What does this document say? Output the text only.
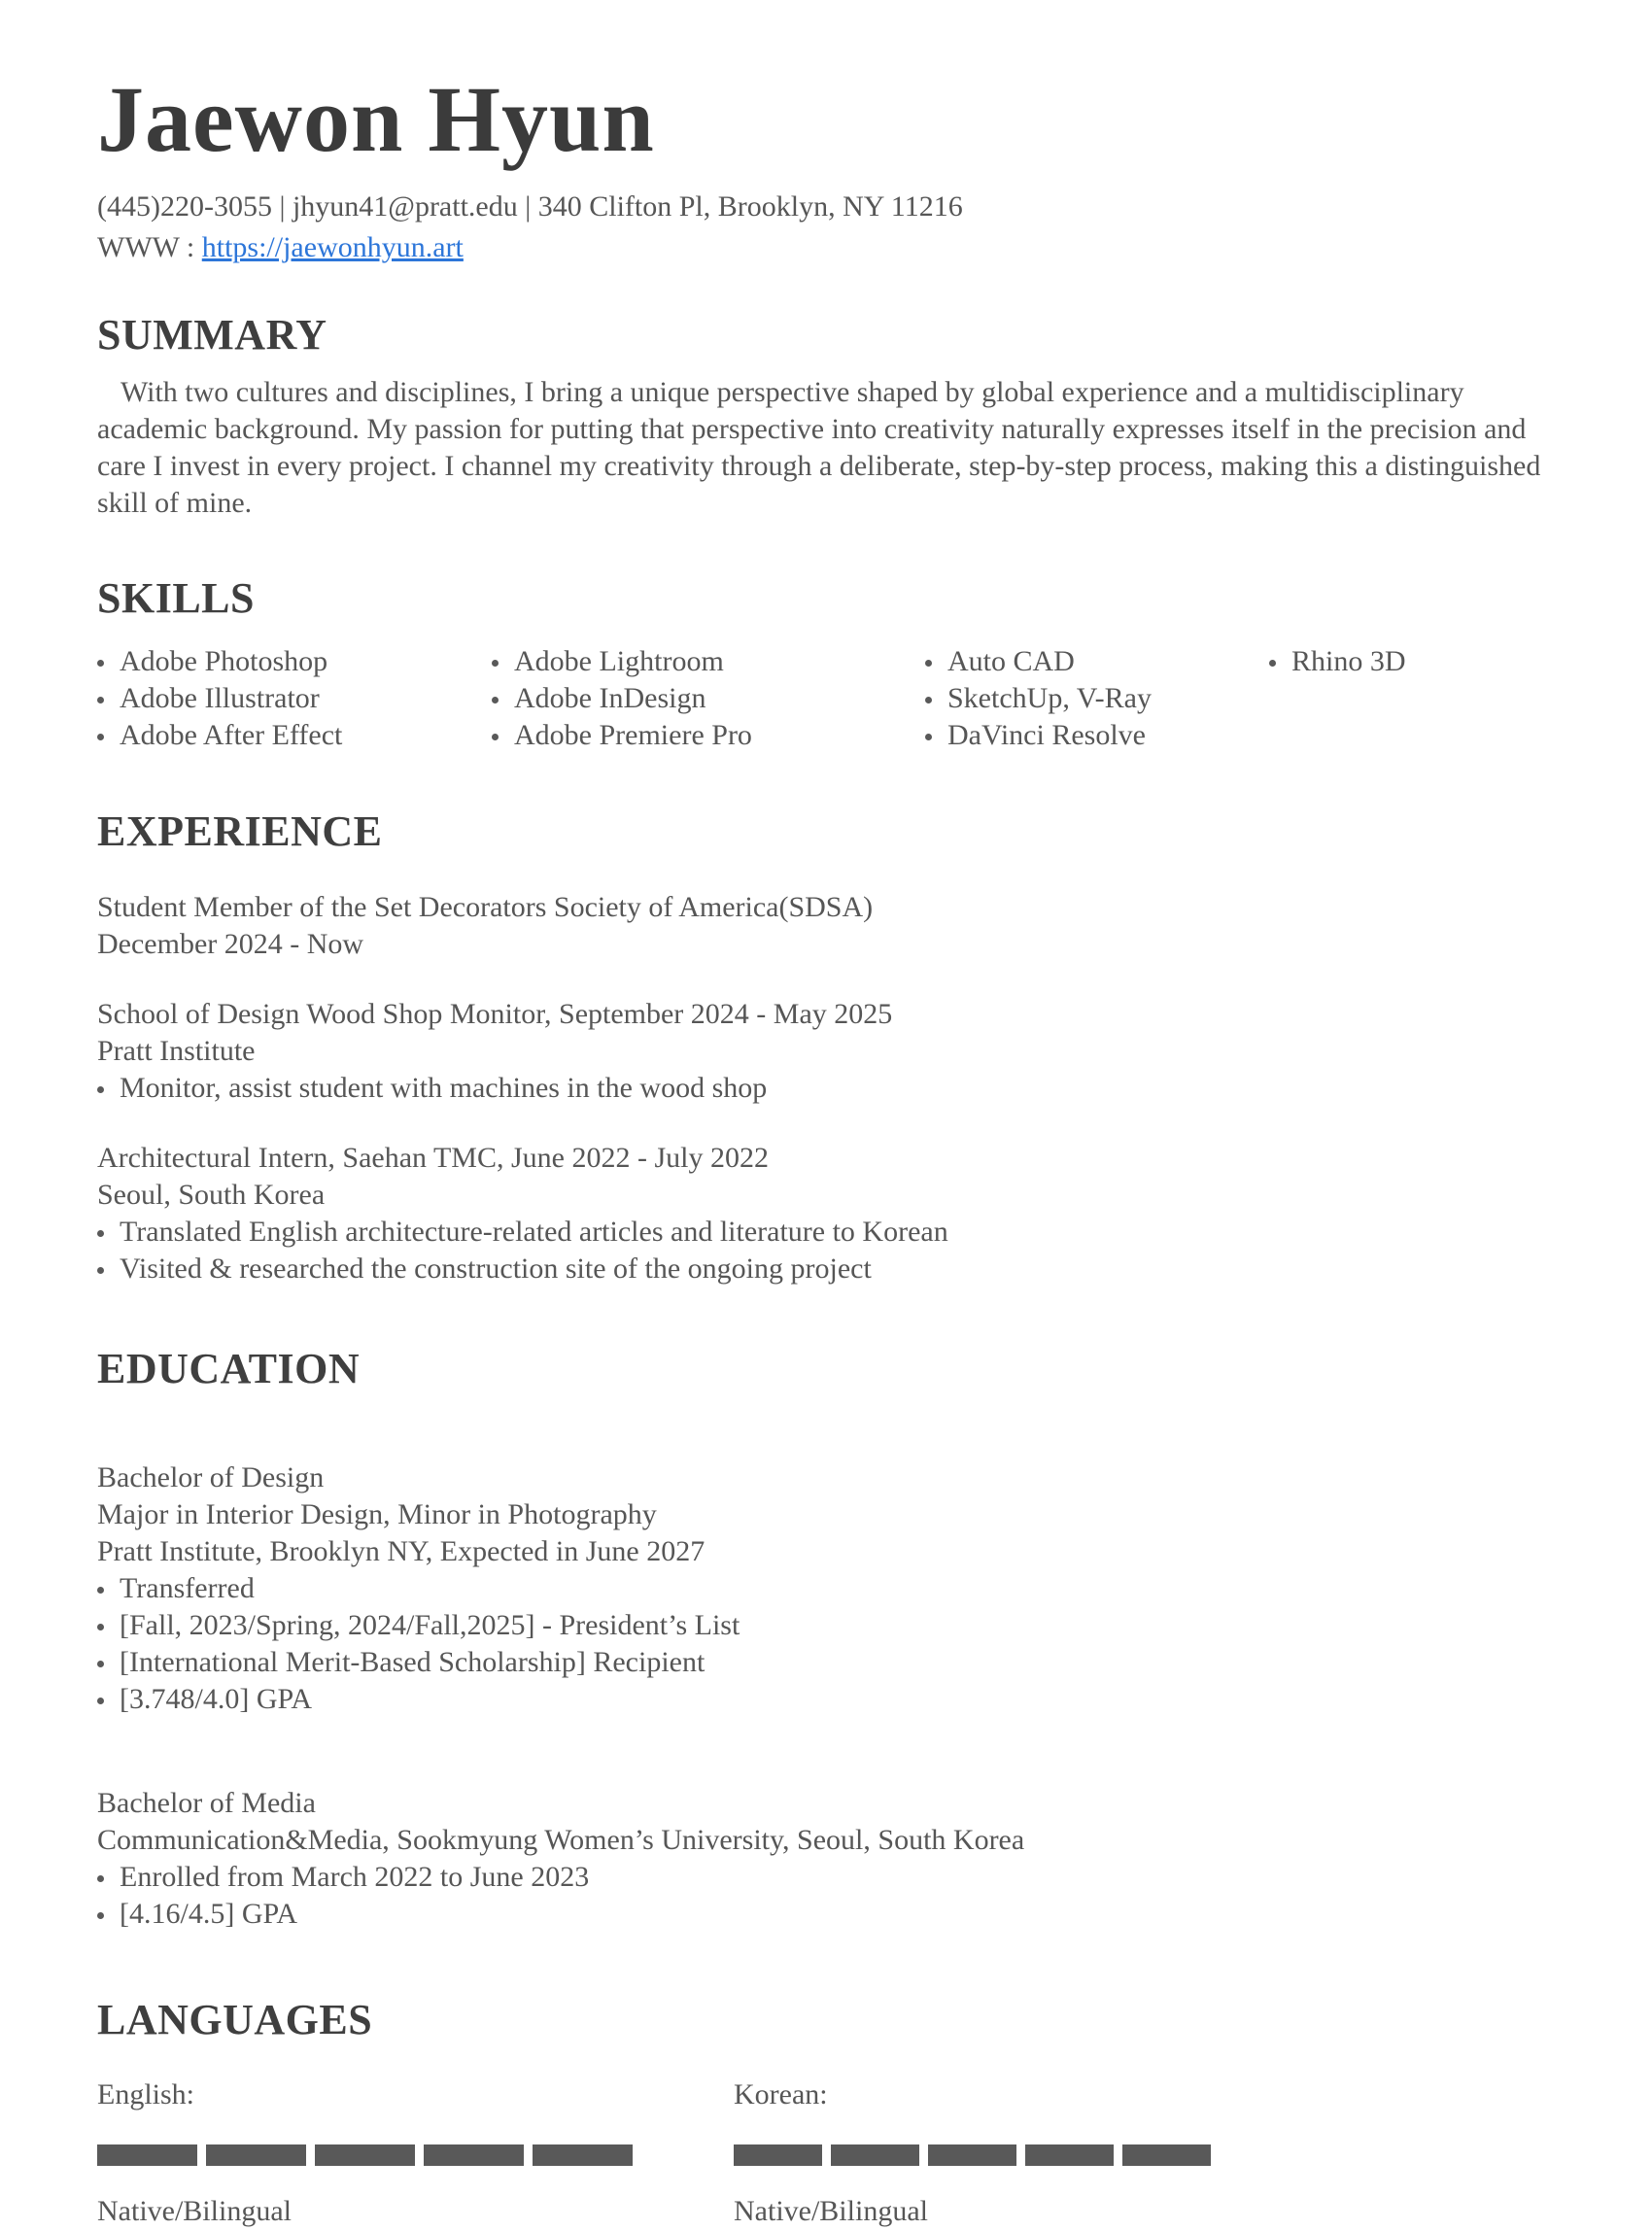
Jaewon Hyun
(445)220-3055 | jhyun41@pratt.edu | 340 Clifton Pl, Brooklyn, NY 11216
WWW : https://jaewonhyun.art
SUMMARY
With two cultures and disciplines, I bring a unique perspective shaped by global experience and a multidisciplinary academic background. My passion for putting that perspective into creativity naturally expresses itself in the precision and care I invest in every project. I channel my creativity through a deliberate, step-by-step process, making this a distinguished skill of mine.
SKILLS
Adobe Photoshop
Adobe Illustrator
Adobe After Effect
Adobe Lightroom
Adobe InDesign
Adobe Premiere Pro
Auto CAD
SketchUp, V-Ray
DaVinci Resolve
Rhino 3D
EXPERIENCE
Student Member of the Set Decorators Society of America(SDSA)
December 2024 - Now
School of Design Wood Shop Monitor, September 2024 - May 2025
Pratt Institute
Monitor, assist student with machines in the wood shop
Architectural Intern, Saehan TMC, June 2022 - July 2022
Seoul, South Korea
Translated English architecture-related articles and literature to Korean
Visited & researched the construction site of the ongoing project
EDUCATION
Bachelor of Design
Major in Interior Design, Minor in Photography
Pratt Institute, Brooklyn NY, Expected in June 2027
Transferred
[Fall, 2023/Spring, 2024/Fall,2025] - President’s List
[International Merit-Based Scholarship] Recipient
[3.748/4.0] GPA
Bachelor of Media
Communication&Media, Sookmyung Women’s University, Seoul, South Korea
Enrolled from March 2022 to June 2023
[4.16/4.5] GPA
LANGUAGES
English:
Native/Bilingual
Korean:
Native/Bilingual
